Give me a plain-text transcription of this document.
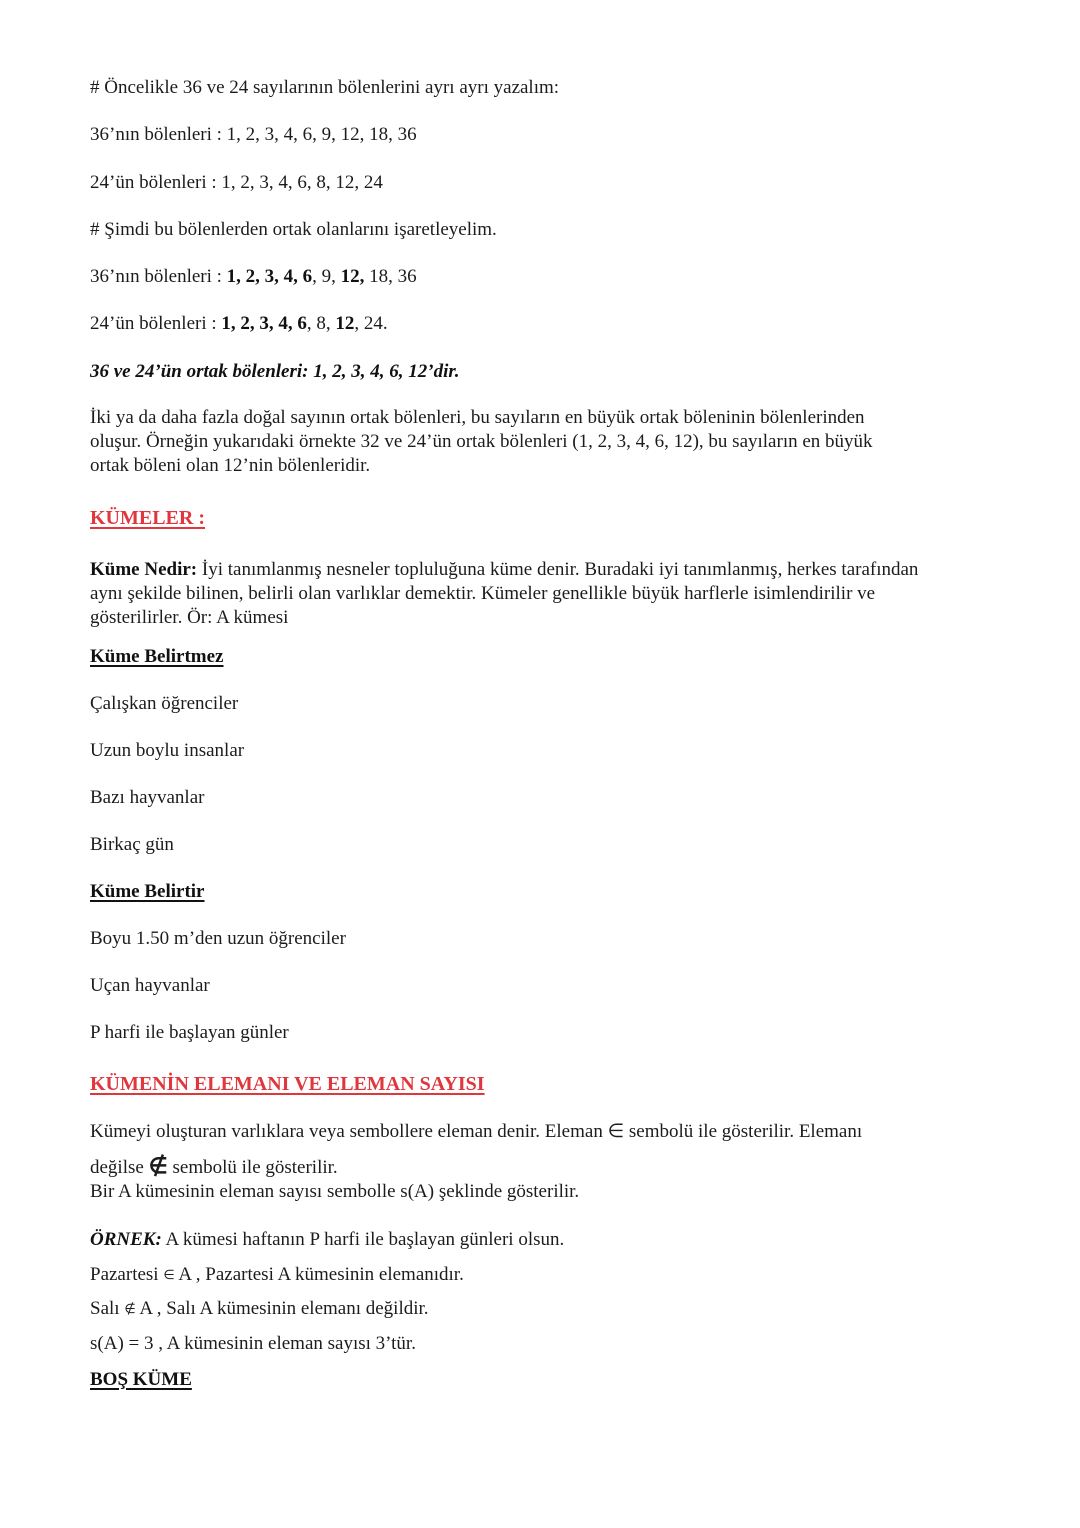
# Öncelikle 36 ve 24 sayılarının bölenlerini ayrı ayrı yazalım:
36’nın bölenleri : 1, 2, 3, 4, 6, 9, 12, 18, 36
24’ün bölenleri : 1, 2, 3, 4, 6, 8, 12, 24
# Şimdi bu bölenlerden ortak olanlarını işaretleyelim.
36’nın bölenleri : 1, 2, 3, 4, 6, 9, 12, 18, 36
24’ün bölenleri : 1, 2, 3, 4, 6, 8, 12, 24.
36 ve 24’ün ortak bölenleri: 1, 2, 3, 4, 6, 12’dir.
İki ya da daha fazla doğal sayının ortak bölenleri, bu sayıların en büyük ortak böleninin bölenlerinden
oluşur. Örneğin yukarıdaki örnekte 32 ve 24’ün ortak bölenleri (1, 2, 3, 4, 6, 12), bu sayıların en büyük
ortak böleni olan 12’nin bölenleridir.
KÜMELER :
Küme Nedir: İyi tanımlanmış nesneler topluluğuna küme denir. Buradaki iyi tanımlanmış, herkes tarafından
aynı şekilde bilinen, belirli olan varlıklar demektir. Kümeler genellikle büyük harflerle isimlendirilir ve
gösterilirler. Ör: A kümesi
Küme Belirtmez
Çalışkan öğrenciler
Uzun boylu insanlar
Bazı hayvanlar
Birkaç gün
Küme Belirtir
Boyu 1.50 m’den uzun öğrenciler
Uçan hayvanlar
P harfi ile başlayan günler
KÜMENİN ELEMANI VE ELEMAN SAYISI
Kümeyi oluşturan varlıklara veya sembollere eleman denir. Eleman ∈ sembolü ile gösterilir. Elemanı
değilse ∉ sembolü ile gösterilir.
Bir A kümesinin eleman sayısı sembolle s(A) şeklinde gösterilir.
ÖRNEK: A kümesi haftanın P harfi ile başlayan günleri olsun.
Pazartesi ∈ A , Pazartesi A kümesinin elemanıdır.
Salı ∉ A , Salı A kümesinin elemanı değildir.
s(A) = 3 , A kümesinin eleman sayısı 3’tür.
BOŞ KÜME
